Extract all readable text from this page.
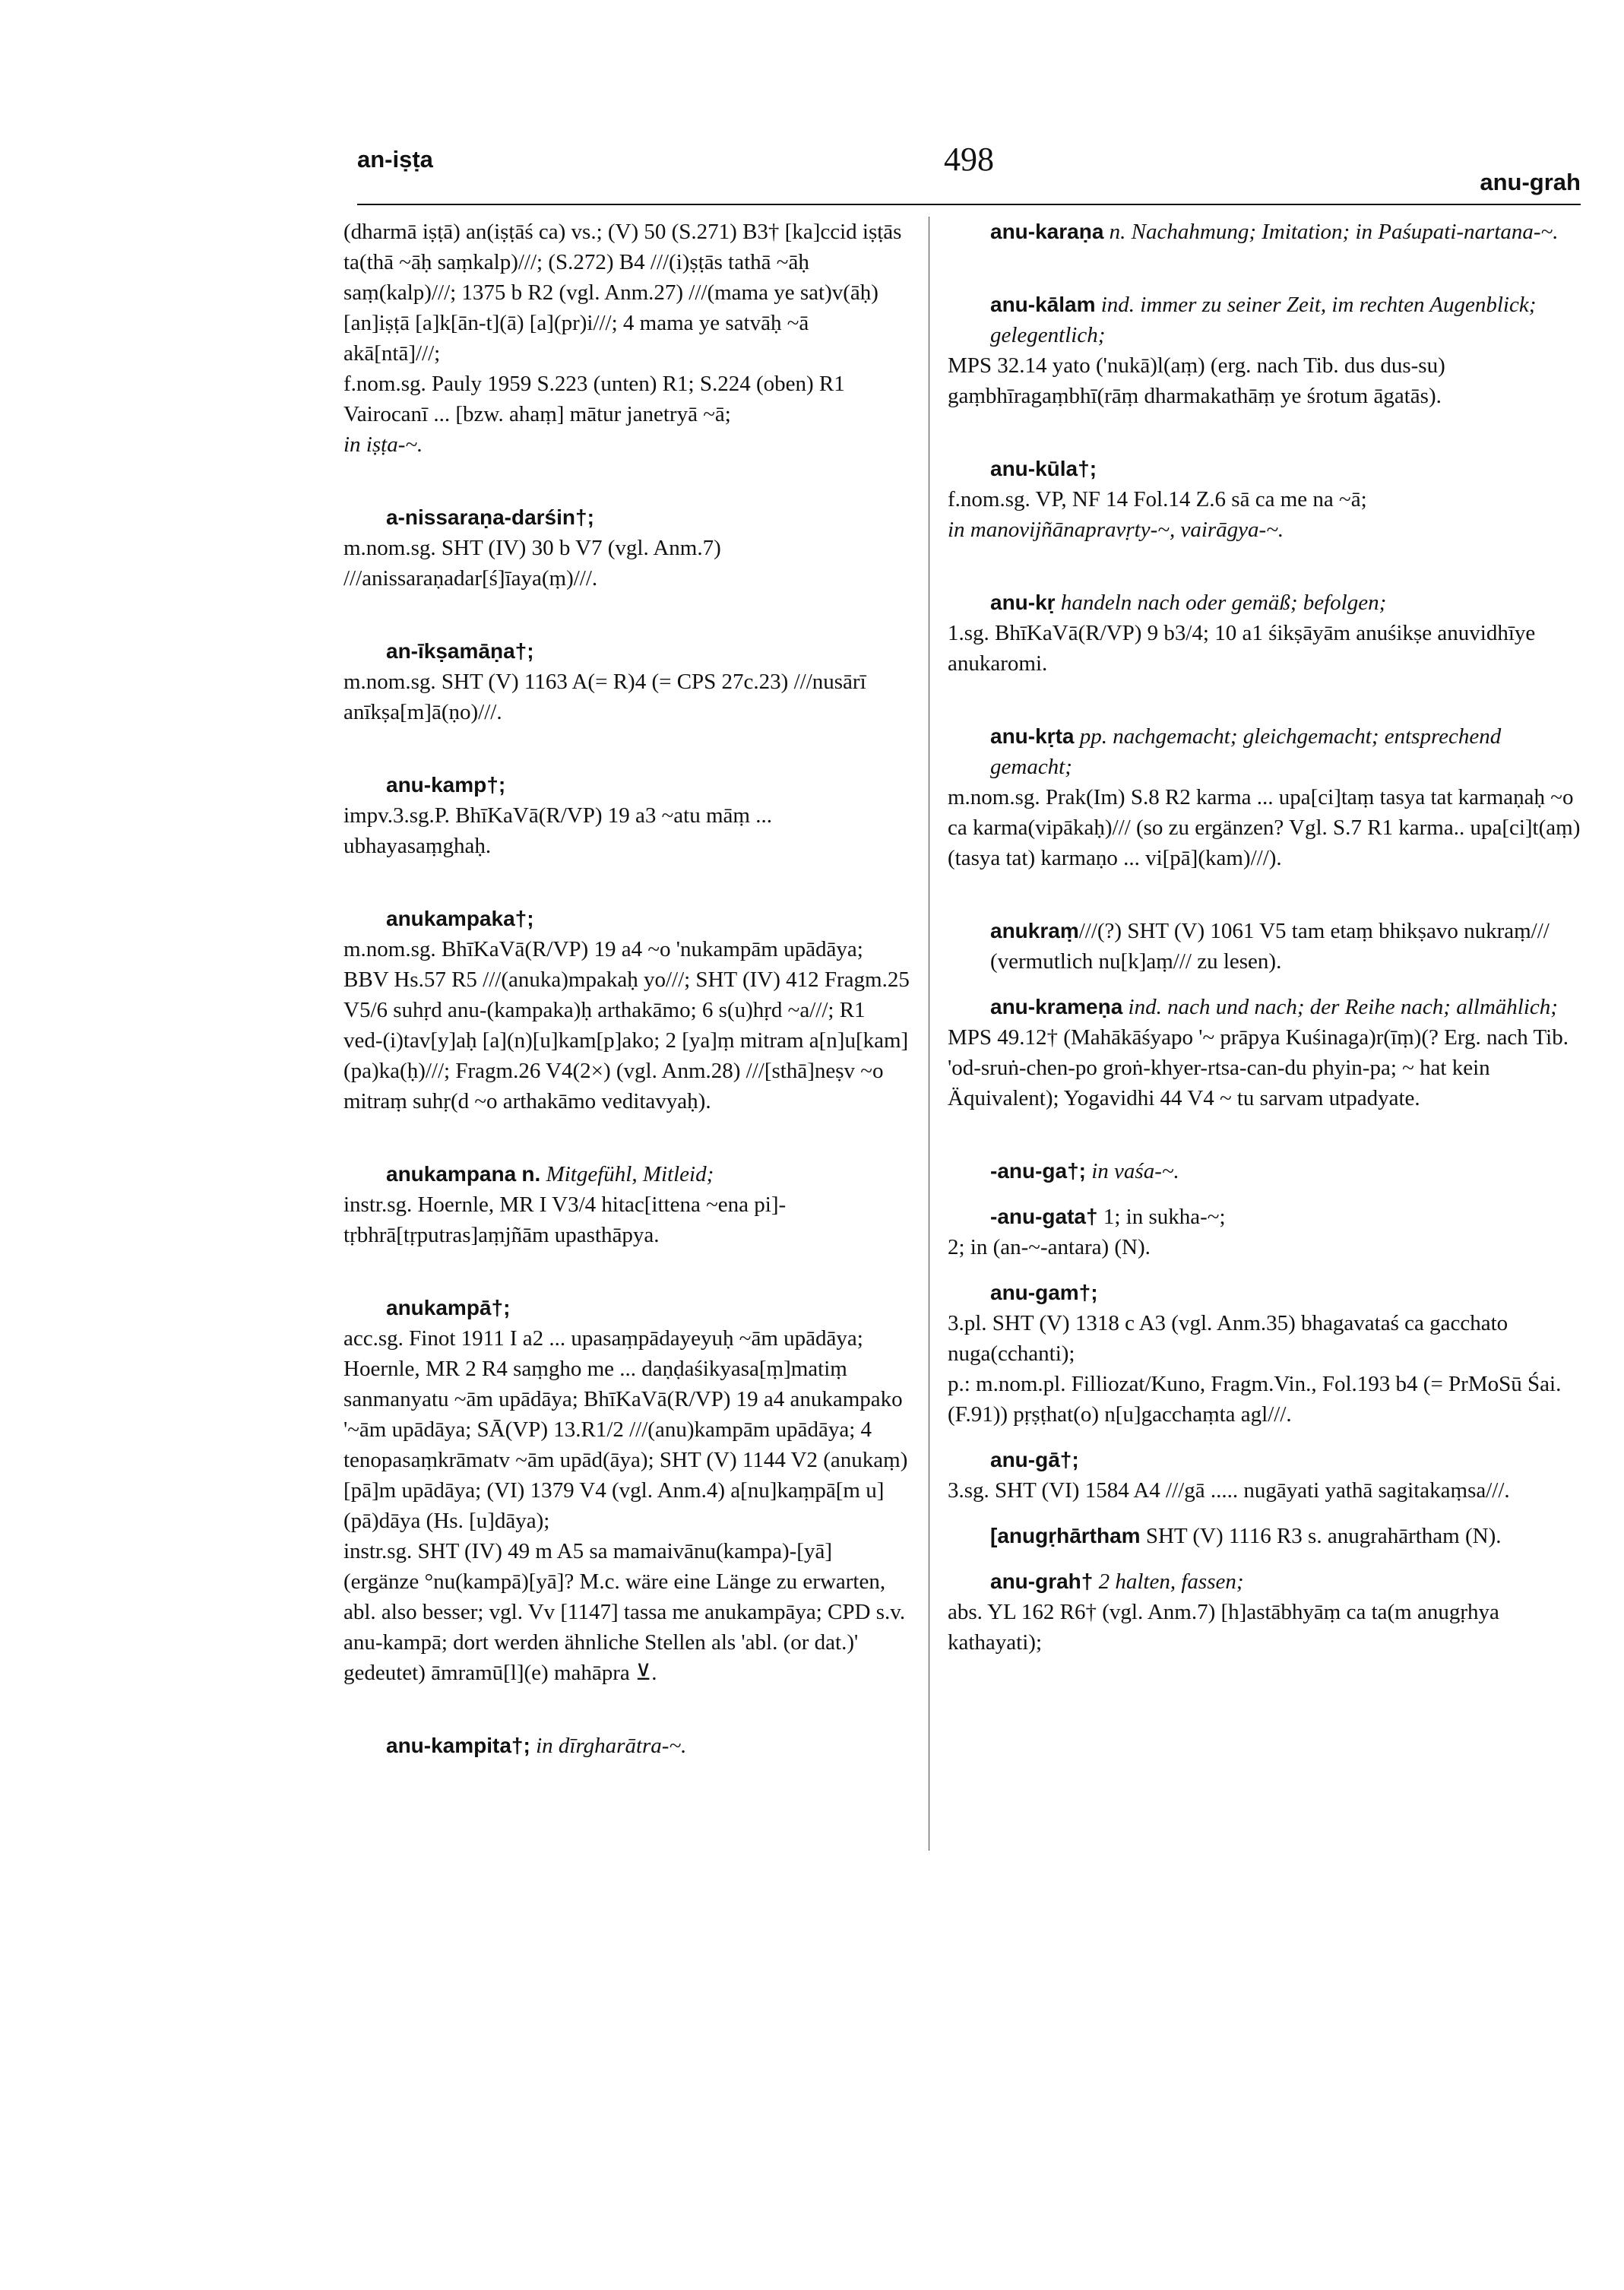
an-iṣṭa	498
anu-grah

(dharmā iṣṭā) an(iṣṭāś ca) vs.; (V) 50 (S.271) B3† [ka]ccid iṣṭās ta(thā ~āḥ saṃkalp)///; (S.272) B4 ///(i)ṣṭās tathā ~āḥ saṃ(kalp)///; 1375 b R2 (vgl. Anm.27) ///(mama ye sat)v(āḥ) [an]iṣṭā [a]k[ān-t](ā) [a](pr)i///; 4 mama ye satvāḥ ~ā akā[ntā]///;

f.nom.sg. Pauly 1959 S.223 (unten) R1; S.224 (oben) R1 Vairocanī ... [bzw. ahaṃ] mātur janetryā ~ā;

in iṣṭa-~.

a-nissaraṇa-darśin†;

m.nom.sg. SHT (IV) 30 b V7 (vgl. Anm.7) ///anissaraṇadar[ś]īaya(ṃ)///.

an-īkṣamāṇa†;

m.nom.sg. SHT (V) 1163 A(= R)4 (= CPS 27c.23) ///nusārī anīkṣa[m]ā(ṇo)///.

anu-kamp†;

impv.3.sg.P. BhīKaVā(R/VP) 19 a3 ~atu māṃ ... ubhayasaṃghaḥ.

anukampaka†;

m.nom.sg. BhīKaVā(R/VP) 19 a4 ~o 'nukampām upādāya; BBV Hs.57 R5 ///(anuka)mpakaḥ yo///; SHT (IV) 412 Fragm.25 V5/6 suhṛd anu-(kampaka)ḥ arthakāmo; 6 s(u)hṛd ~a///; R1 ved-(i)tav[y]aḥ [a](n)[u]kam[p]ako; 2 [ya]ṃ mitram a[n]u[kam](pa)ka(ḥ)///; Fragm.26 V4(2×) (vgl. Anm.28) ///[sthā]neṣv ~o mitraṃ suhṛ(d ~o arthakāmo veditavyaḥ).

anukampana n. Mitgefühl, Mitleid;

instr.sg. Hoernle, MR I V3/4 hitac[ittena ~ena pi]-tṛbhrā[tṛputras]aṃjñām upasthāpya.

anukampā†;

acc.sg. Finot 1911 I a2 ... upasaṃpādayeyuḥ ~ām upādāya; Hoernle, MR 2 R4 saṃgho me ... daṇḍaśikyasa[ṃ]matiṃ sanmanyatu ~ām upādāya; BhīKaVā(R/VP) 19 a4 anukampako '~ām upādāya; SĀ(VP) 13.R1/2 ///(anu)kampām upādāya; 4 tenopasaṃkrāmatv ~ām upād(āya); SHT (V) 1144 V2 (anukaṃ)[pā]m upādāya; (VI) 1379 V4 (vgl. Anm.4) a[nu]kaṃpā[m u](pā)dāya (Hs. [u]dāya);

instr.sg. SHT (IV) 49 m A5 sa mamaivānu(kampa)-[yā] (ergänze °nu(kampā)[yā]? M.c. wäre eine Länge zu erwarten, abl. also besser; vgl. Vv [1147] tassa me anukampāya; CPD s.v. anu-kampā; dort werden ähnliche Stellen als 'abl. (or dat.)' gedeutet) āmramū[l](e) mahāpra ⊻.

anu-kampita†; in dīrgharātra-~.

anu-karaṇa n. Nachahmung; Imitation; in Paśupati-nartana-~.

anu-kālam ind. immer zu seiner Zeit, im rechten Augenblick; gelegentlich;

MPS 32.14 yato ('nukā)l(aṃ) (erg. nach Tib. dus dus-su) gaṃbhīragaṃbhī(rāṃ dharmakathāṃ ye śrotum āgatās).

anu-kūla†;

f.nom.sg. VP, NF 14 Fol.14 Z.6 sā ca me na ~ā;

in manovijñānapravṛty-~, vairāgya-~.

anu-kṛ handeln nach oder gemäß; befolgen;

1.sg. BhīKaVā(R/VP) 9 b3/4; 10 a1 śikṣāyām anuśikṣe anuvidhīye anukaromi.

anu-kṛta pp. nachgemacht; gleichgemacht; entsprechend gemacht;

m.nom.sg. Prak(Im) S.8 R2 karma ... upa[ci]taṃ tasya tat karmaṇaḥ ~o ca karma(vipākaḥ)/// (so zu ergänzen? Vgl. S.7 R1 karma.. upa[ci]t(aṃ) (tasya tat) karmaṇo ... vi[pā](kam)///).

anukraṃ///(?) SHT (V) 1061 V5 tam etaṃ bhikṣavo nukraṃ/// (vermutlich nu[k]aṃ/// zu lesen).

anu-krameṇa ind. nach und nach; der Reihe nach; allmählich;

MPS 49.12† (Mahākāśyapo '~ prāpya Kuśinaga)r(īṃ)(? Erg. nach Tib. 'od-sruṅ-chen-po groṅ-khyer-rtsa-can-du phyin-pa; ~ hat kein Äquivalent); Yogavidhi 44 V4 ~ tu sarvam utpadyate.

-anu-ga†; in vaśa-~.

-anu-gata† 1; in sukha-~;

2; in (an-~-antara) (N).

anu-gam†;

3.pl. SHT (V) 1318 c A3 (vgl. Anm.35) bhagavataś ca gacchato nuga(cchanti);

p.: m.nom.pl. Filliozat/Kuno, Fragm.Vin., Fol.193 b4 (= PrMoSū Śai.(F.91)) pṛṣṭhat(o) n[u]gacchaṃta agl///.

anu-gā†;

3.sg. SHT (VI) 1584 A4 ///gā ..... nugāyati yathā sagitakaṃsa///.

[anugṛhārtham SHT (V) 1116 R3 s. anugrahārtham (N).

anu-grah† 2 halten, fassen;

abs. YL 162 R6† (vgl. Anm.7) [h]astābhyāṃ ca ta(m anugṛhya kathayati);
